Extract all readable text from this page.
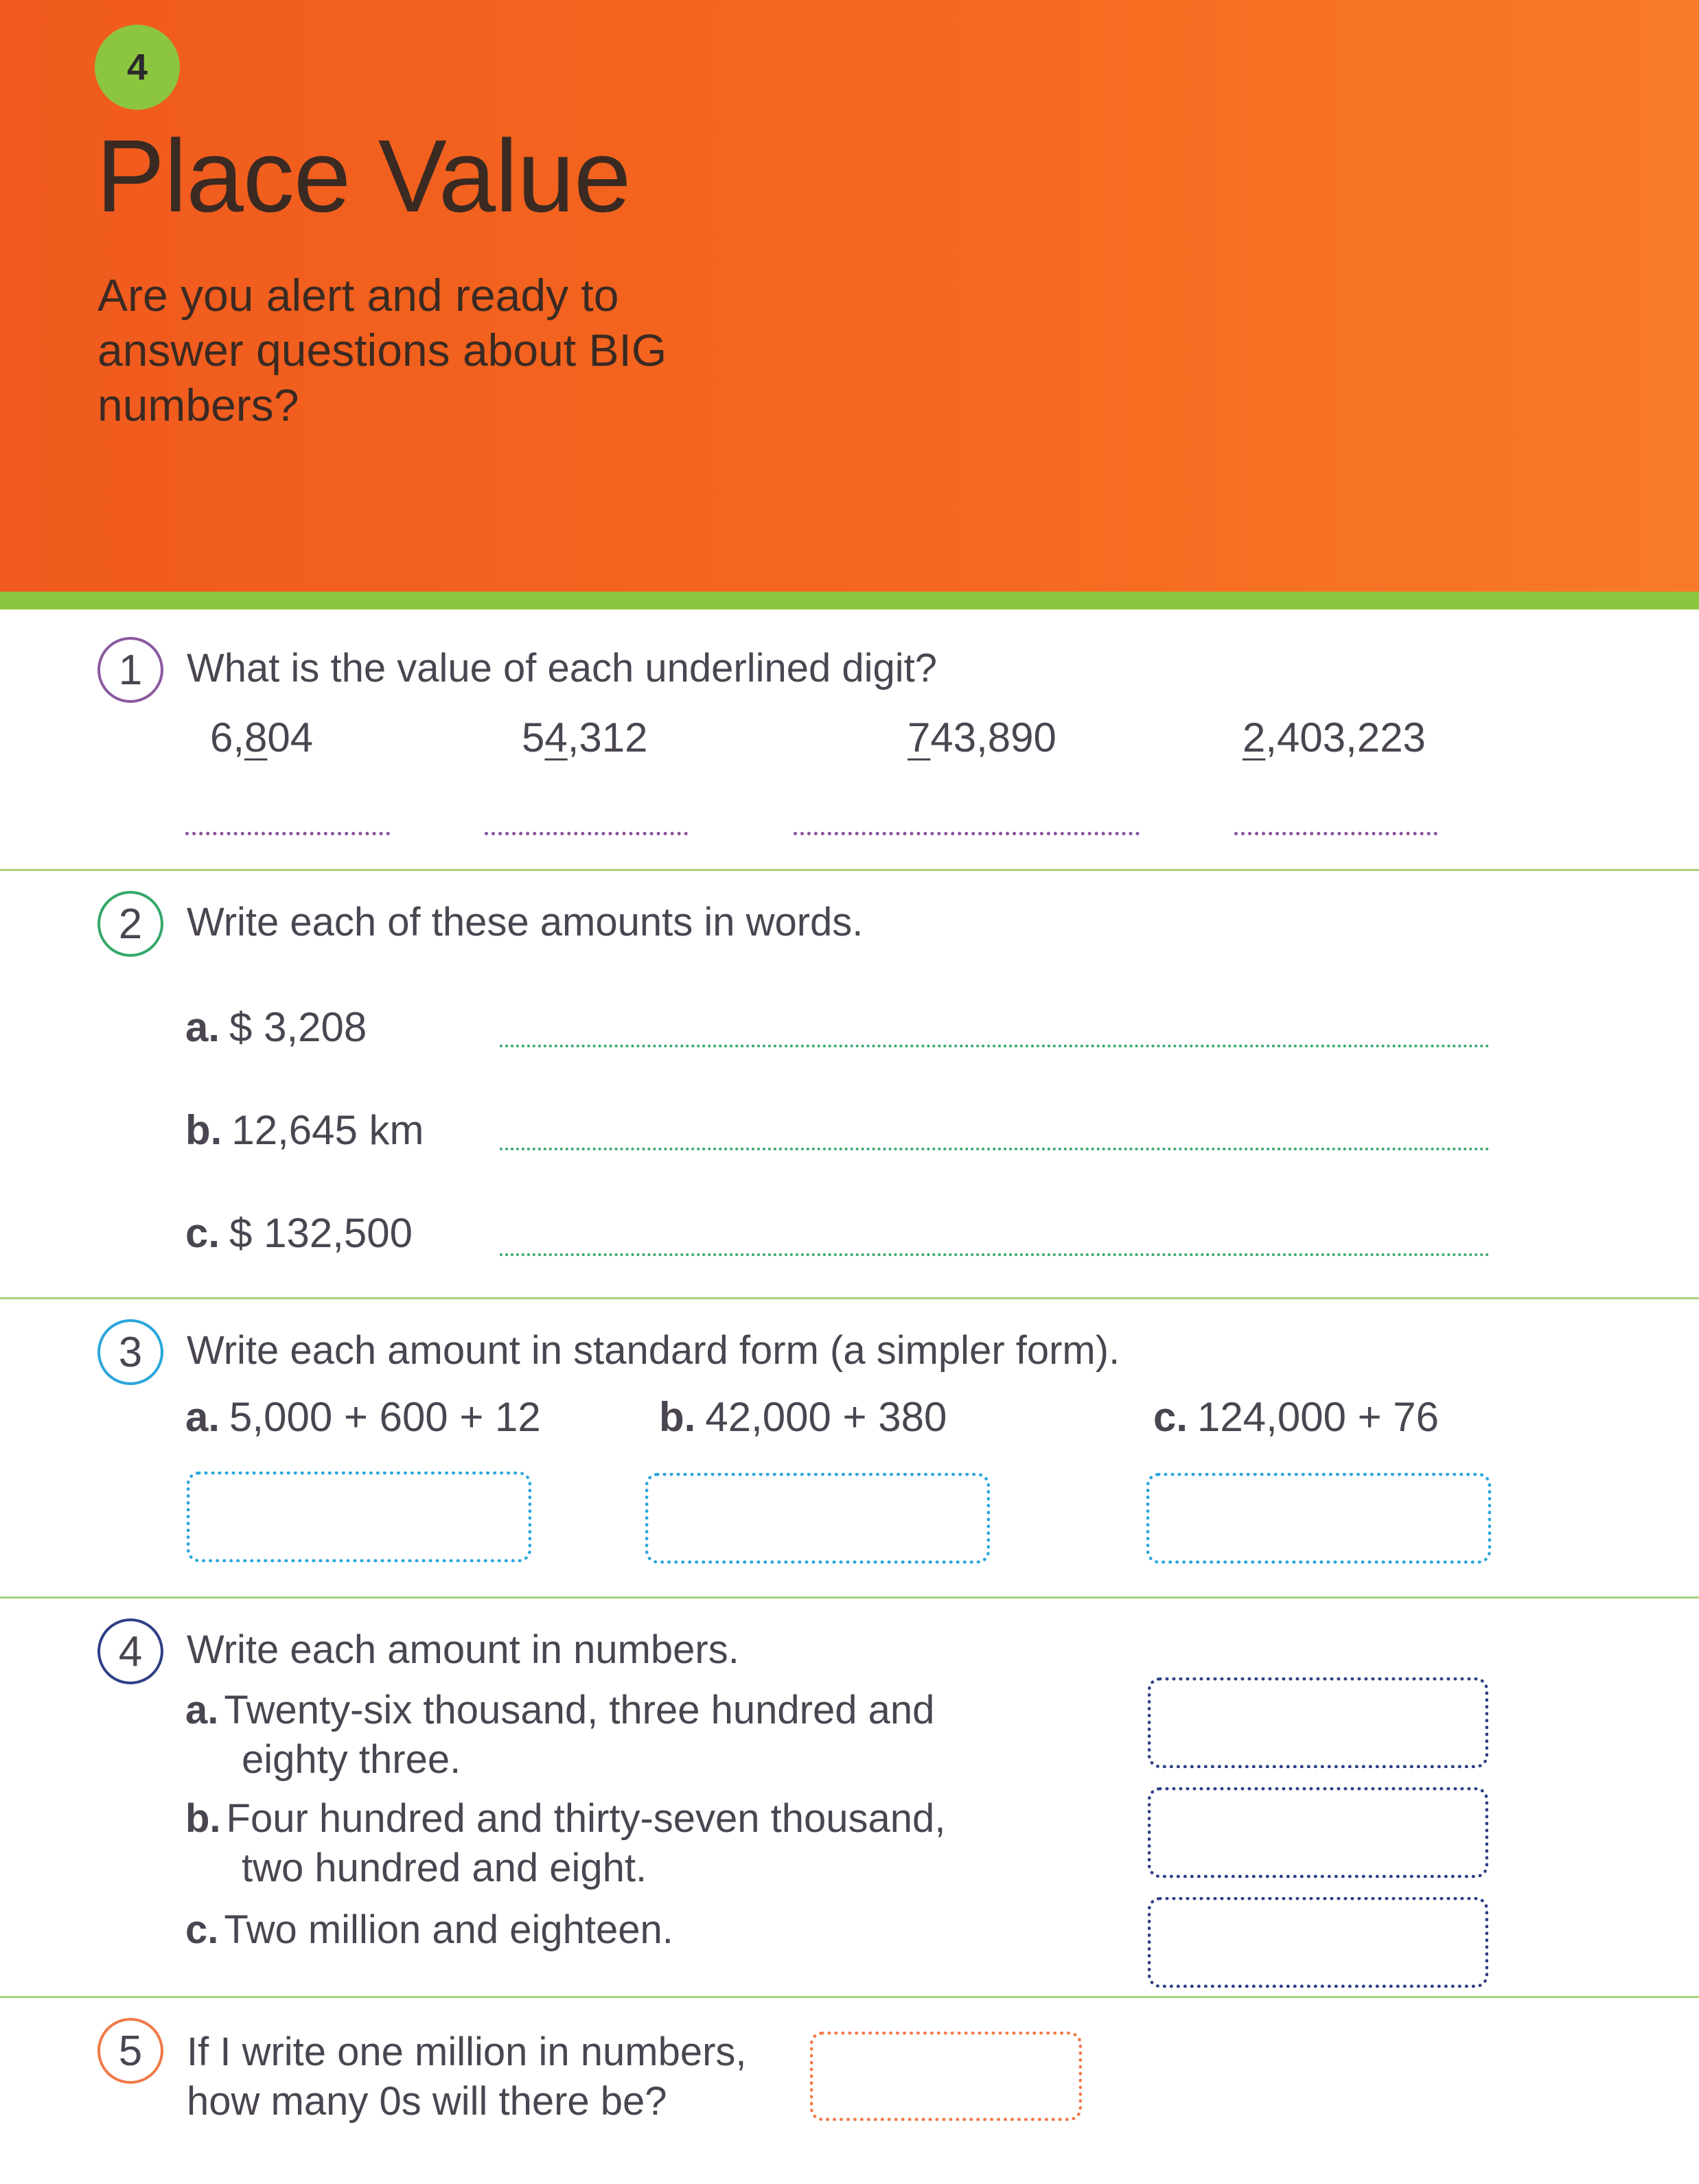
4
Place Value
Are you alert and ready to answer questions about BIG numbers?
1	What is the value of each underlined digit?
6,804	54,312	743,890	2,403,223
2	Write each of these amounts in words.
a. $ 3,208
b. 12,645 km
c. $ 132,500
3	Write each amount in standard form (a simpler form).
a. 5,000 + 600 + 12	b. 42,000 + 380	c. 124,000 + 76
4	Write each amount in numbers.
a. Twenty-six thousand, three hundred and
eighty three.
b. Four hundred and thirty-seven thousand,
two hundred and eight.
c. Two million and eighteen.
5	If I write one million in numbers,
how many 0s will there be?
